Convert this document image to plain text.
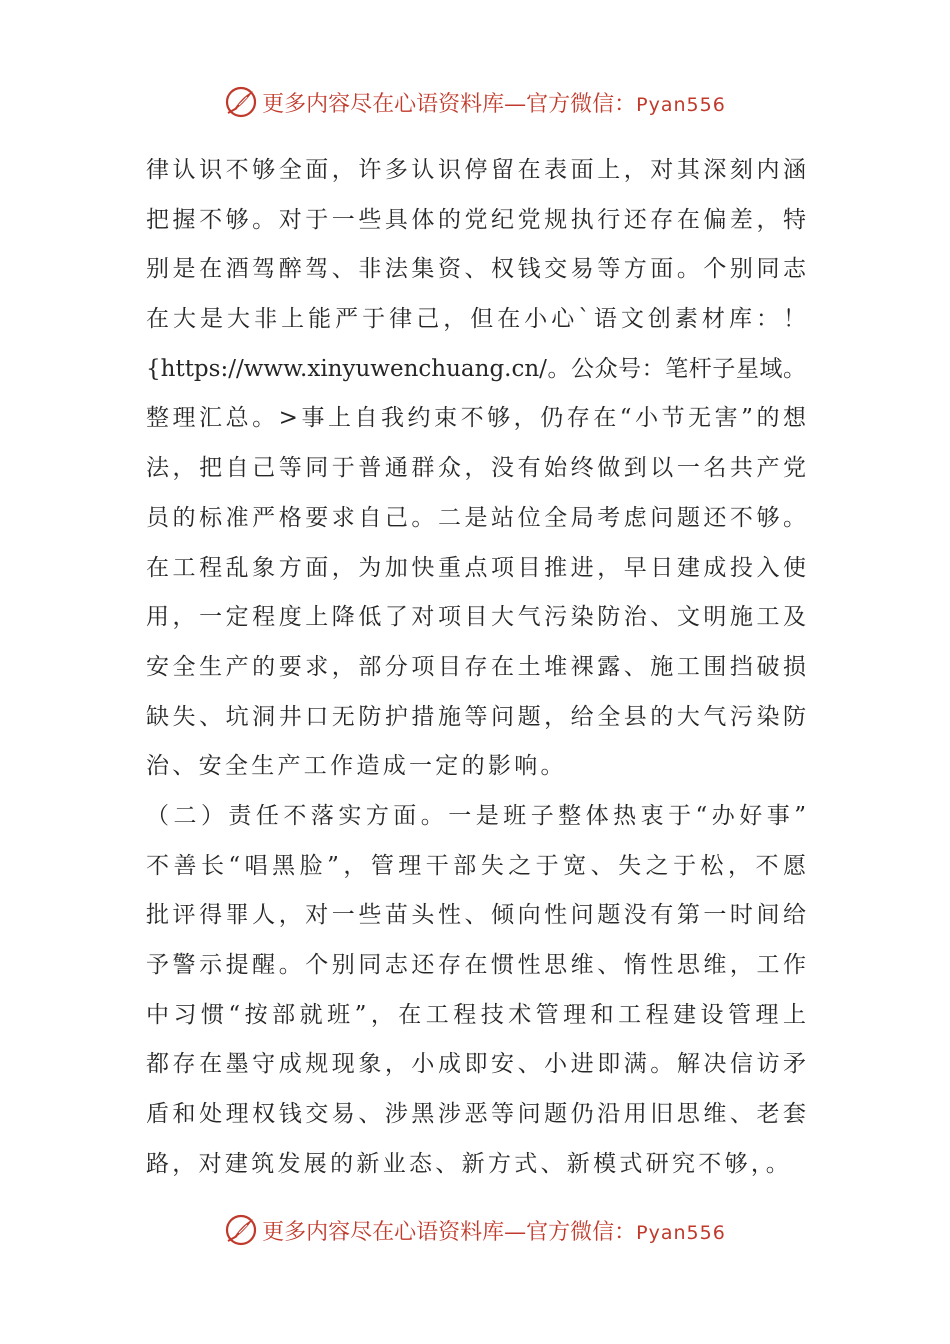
更多内容尽在心语资料库—官方微信：Pyan556
律认识不够全面，许多认识停留在表面上，对其深刻内涵
把握不够。对于一些具体的党纪党规执行还存在偏差，特
别是在酒驾醉驾、非法集资、权钱交易等方面。个别同志
在大是大非上能严于律己，但在小心`语文创素材库：！
{https://www.xinyuwenchuang.cn/。公众号：笔杆子星域。
整理汇总。>事上自我约束不够，仍存在“小节无害”的想
法，把自己等同于普通群众，没有始终做到以一名共产党
员的标准严格要求自己。二是站位全局考虑问题还不够。
在工程乱象方面，为加快重点项目推进，早日建成投入使
用，一定程度上降低了对项目大气污染防治、文明施工及
安全生产的要求，部分项目存在土堆裸露、施工围挡破损
缺失、坑洞井口无防护措施等问题，给全县的大气污染防
治、安全生产工作造成一定的影响。
（二）责任不落实方面。一是班子整体热衷于“办好事”
不善长“唱黑脸”，管理干部失之于宽、失之于松，不愿
批评得罪人，对一些苗头性、倾向性问题没有第一时间给
予警示提醒。个别同志还存在惯性思维、惰性思维，工作
中习惯“按部就班”，在工程技术管理和工程建设管理上
都存在墨守成规现象，小成即安、小进即满。解决信访矛
盾和处理权钱交易、涉黑涉恶等问题仍沿用旧思维、老套
路，对建筑发展的新业态、新方式、新模式研究不够，。
更多内容尽在心语资料库—官方微信：Pyan556
